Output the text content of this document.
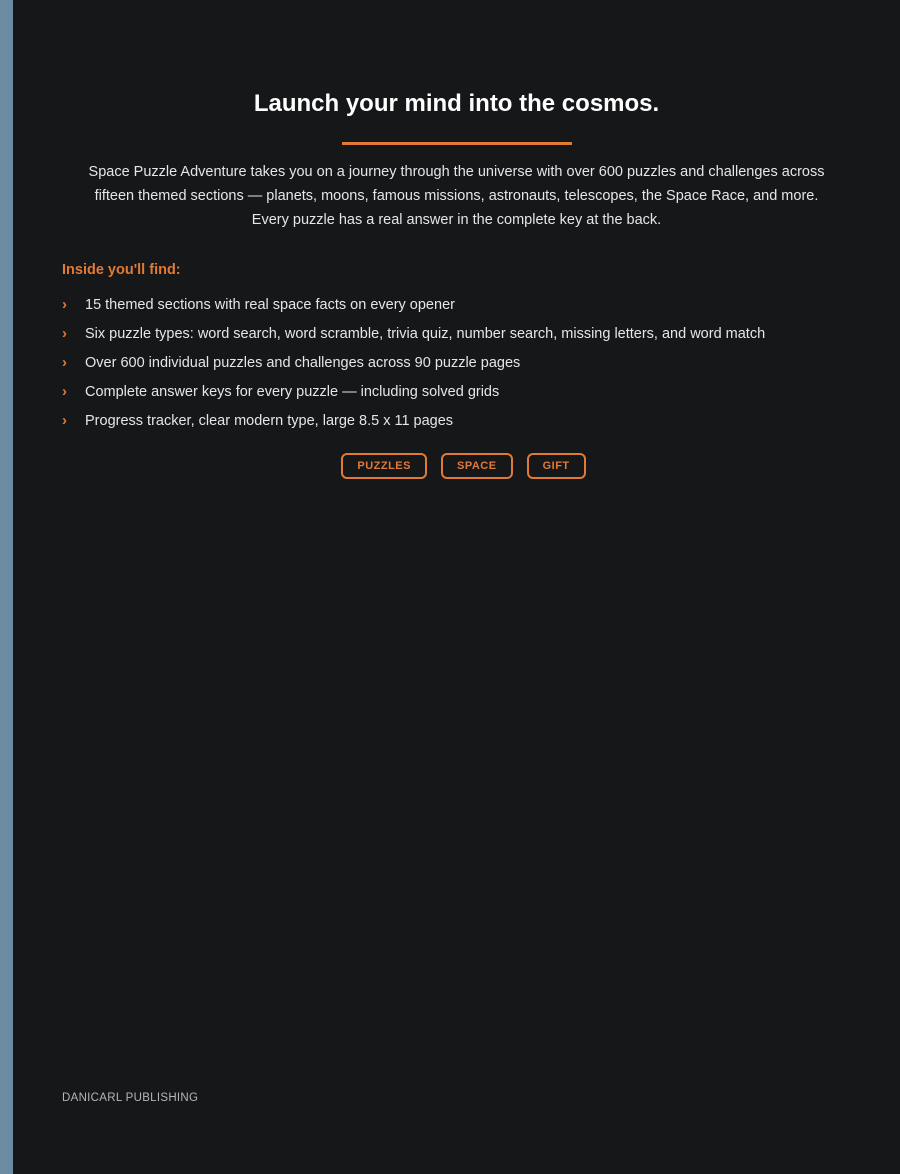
Launch your mind into the cosmos.

Space Puzzle Adventure takes you on a journey through the universe with over 600 puzzles and challenges across
fifteen themed sections — planets, moons, famous missions, astronauts, telescopes, the Space Race, and more.
Every puzzle has a real answer in the complete key at the back.

Inside you'll find:

›	15 themed sections with real space facts on every opener
›	Six puzzle types: word search, word scramble, trivia quiz, number search, missing letters, and word match
›	Over 600 individual puzzles and challenges across 90 puzzle pages
›	Complete answer keys for every puzzle — including solved grids
›	Progress tracker, clear modern type, large 8.5 x 11 pages
PUZZLES	SPACE	GIFT

DANICARL PUBLISHING
